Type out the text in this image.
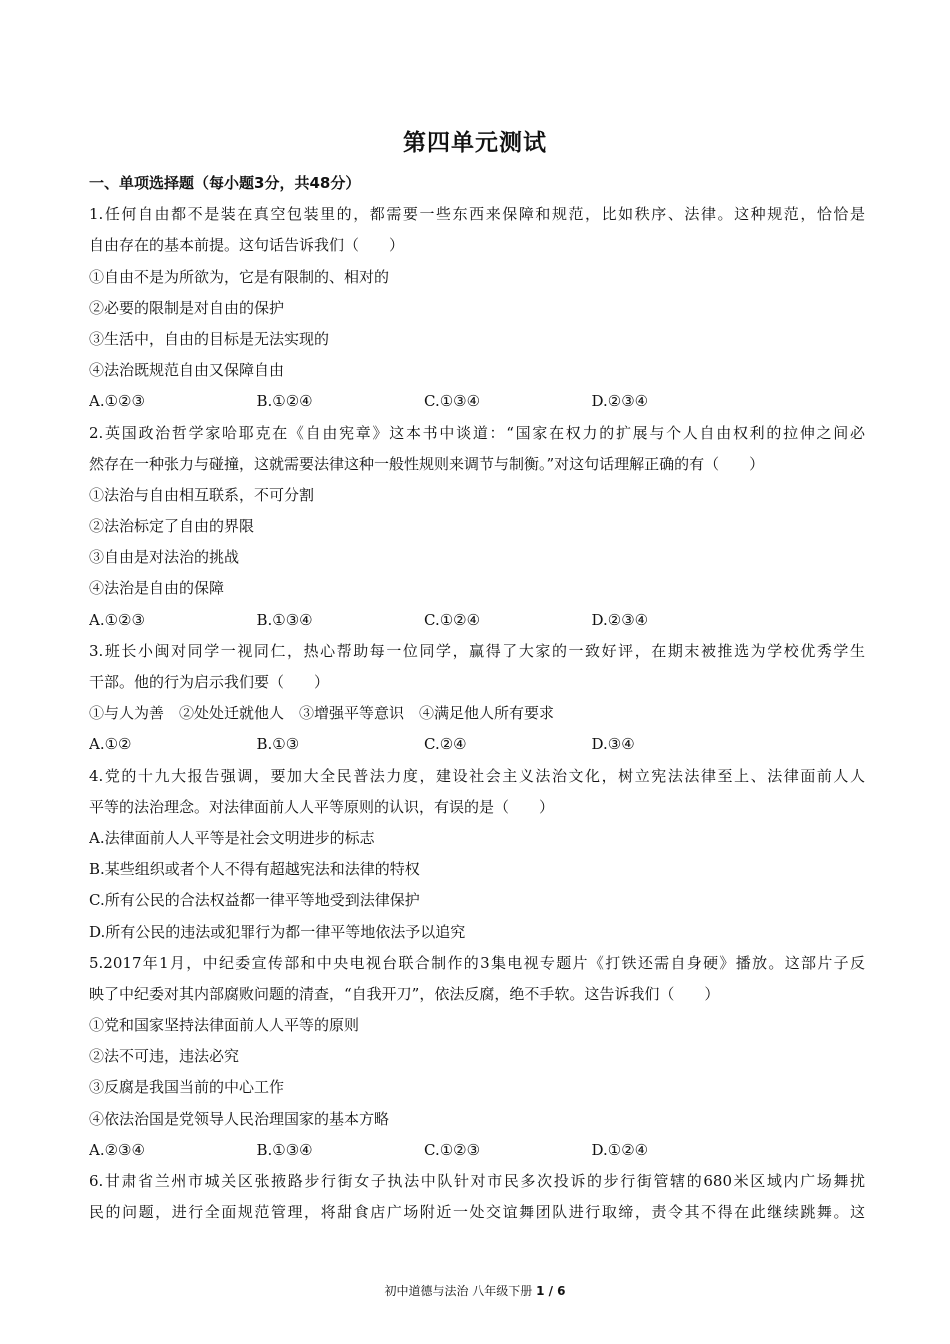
第四单元测试
一、单项选择题（每小题3分，共48分）
1.任何自由都不是装在真空包装里的，都需要一些东西来保障和规范，比如秩序、法律。这种规范，恰恰是
自由存在的基本前提。这句话告诉我们（　　）
①自由不是为所欲为，它是有限制的、相对的
②必要的限制是对自由的保护
③生活中，自由的目标是无法实现的
④法治既规范自由又保障自由
A.①②③	B.①②④	C.①③④	D.②③④
2.英国政治哲学家哈耶克在《自由宪章》这本书中谈道：“国家在权力的扩展与个人自由权利的拉伸之间必
然存在一种张力与碰撞，这就需要法律这种一般性规则来调节与制衡。”对这句话理解正确的有（　　）
①法治与自由相互联系，不可分割
②法治标定了自由的界限
③自由是对法治的挑战
④法治是自由的保障
A.①②③	B.①③④	C.①②④	D.②③④
3.班长小闽对同学一视同仁，热心帮助每一位同学，赢得了大家的一致好评，在期末被推选为学校优秀学生
干部。他的行为启示我们要（　　）
①与人为善　②处处迁就他人　③增强平等意识　④满足他人所有要求
A.①②	B.①③	C.②④	D.③④
4.党的十九大报告强调，要加大全民普法力度，建设社会主义法治文化，树立宪法法律至上、法律面前人人
平等的法治理念。对法律面前人人平等原则的认识，有误的是（　　）
A.法律面前人人平等是社会文明进步的标志
B.某些组织或者个人不得有超越宪法和法律的特权
C.所有公民的合法权益都一律平等地受到法律保护
D.所有公民的违法或犯罪行为都一律平等地依法予以追究
5.2017年1月，中纪委宣传部和中央电视台联合制作的3集电视专题片《打铁还需自身硬》播放。这部片子反
映了中纪委对其内部腐败问题的清查，“自我开刀”，依法反腐，绝不手软。这告诉我们（　　）
①党和国家坚持法律面前人人平等的原则
②法不可违，违法必究
③反腐是我国当前的中心工作
④依法治国是党领导人民治理国家的基本方略
A.②③④	B.①③④	C.①②③	D.①②④
6.甘肃省兰州市城关区张掖路步行街女子执法中队针对市民多次投诉的步行街管辖的680米区域内广场舞扰
民的问题，进行全面规范管理，将甜食店广场附近一处交谊舞团队进行取缔，责令其不得在此继续跳舞。这
初中道德与法治 八年级下册 1 / 6
